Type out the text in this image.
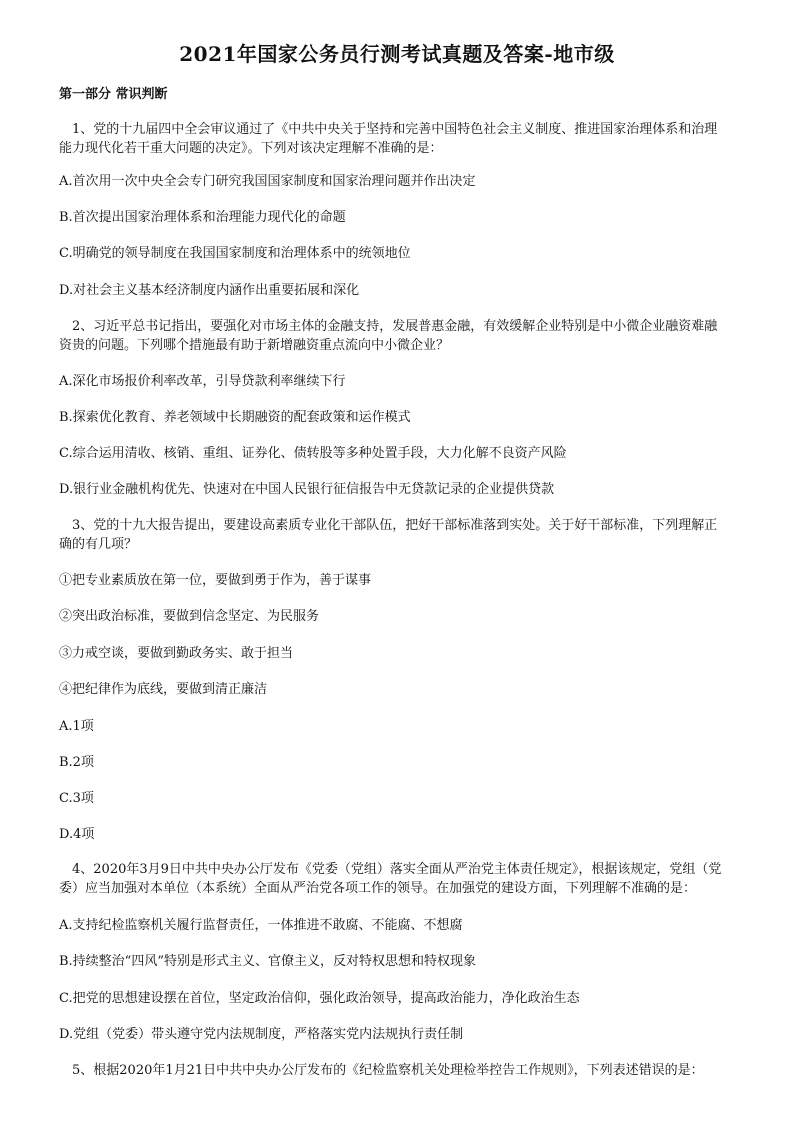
2021年国家公务员行测考试真题及答案-地市级
第一部分 常识判断
　1、党的十九届四中全会审议通过了《中共中央关于坚持和完善中国特色社会主义制度、推进国家治理体系和治理
能力现代化若干重大问题的决定》。下列对该决定理解不准确的是：
A.首次用一次中央全会专门研究我国国家制度和国家治理问题并作出决定
B.首次提出国家治理体系和治理能力现代化的命题
C.明确党的领导制度在我国国家制度和治理体系中的统领地位
D.对社会主义基本经济制度内涵作出重要拓展和深化
　2、习近平总书记指出，要强化对市场主体的金融支持，发展普惠金融，有效缓解企业特别是中小微企业融资难融
资贵的问题。下列哪个措施最有助于新增融资重点流向中小微企业？
A.深化市场报价利率改革，引导贷款利率继续下行
B.探索优化教育、养老领域中长期融资的配套政策和运作模式
C.综合运用清收、核销、重组、证券化、债转股等多种处置手段，大力化解不良资产风险
D.银行业金融机构优先、快速对在中国人民银行征信报告中无贷款记录的企业提供贷款
　3、党的十九大报告提出，要建设高素质专业化干部队伍，把好干部标准落到实处。关于好干部标准，下列理解正
确的有几项？
①把专业素质放在第一位，要做到勇于作为，善于谋事
②突出政治标准，要做到信念坚定、为民服务
③力戒空谈，要做到勤政务实、敢于担当
④把纪律作为底线，要做到清正廉洁
A.1项
B.2项
C.3项
D.4项
　4、2020年3月9日中共中央办公厅发布《党委（党组）落实全面从严治党主体责任规定》，根据该规定，党组（党
委）应当加强对本单位（本系统）全面从严治党各项工作的领导。在加强党的建设方面，下列理解不准确的是：
A.支持纪检监察机关履行监督责任，一体推进不敢腐、不能腐、不想腐
B.持续整治“四风”特别是形式主义、官僚主义，反对特权思想和特权现象
C.把党的思想建设摆在首位，坚定政治信仰，强化政治领导，提高政治能力，净化政治生态
D.党组（党委）带头遵守党内法规制度，严格落实党内法规执行责任制
　5、根据2020年1月21日中共中央办公厅发布的《纪检监察机关处理检举控告工作规则》，下列表述错误的是：
